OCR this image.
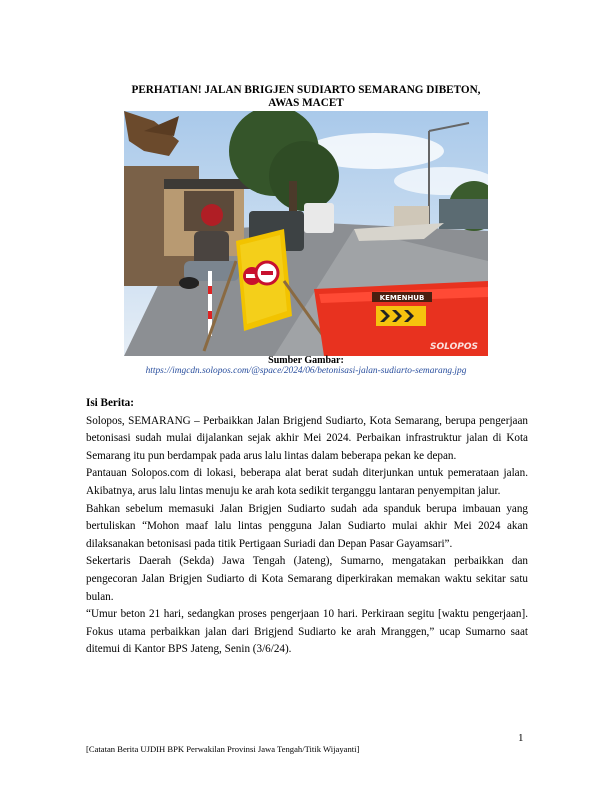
PERHATIAN! JALAN BRIGJEN SUDIARTO SEMARANG DIBETON,
AWAS MACET
KEMENHUB
SOLOPOS
Sumber Gambar:
https://imgcdn.solopos.com/@space/2024/06/betonisasi-jalan-sudiarto-semarang.jpg
Isi Berita:

Solopos, SEMARANG – Perbaikkan Jalan Brigjend Sudiarto, Kota Semarang, berupa pengerjaan betonisasi sudah mulai dijalankan sejak akhir Mei 2024. Perbaikan infrastruktur jalan di Kota Semarang itu pun berdampak pada arus lalu lintas dalam beberapa pekan ke depan.

Pantauan Solopos.com di lokasi, beberapa alat berat sudah diterjunkan untuk pemerataan jalan. Akibatnya, arus lalu lintas menuju ke arah kota sedikit terganggu lantaran penyempitan jalur.

Bahkan sebelum memasuki Jalan Brigjen Sudiarto sudah ada spanduk berupa imbauan yang bertuliskan “Mohon maaf lalu lintas pengguna Jalan Sudiarto mulai akhir Mei 2024 akan dilaksanakan betonisasi pada titik Pertigaan Suriadi dan Depan Pasar Gayamsari”.

Sekertaris Daerah (Sekda) Jawa Tengah (Jateng), Sumarno, mengatakan perbaikkan dan pengecoran Jalan Brigjen Sudiarto di Kota Semarang diperkirakan memakan waktu sekitar satu bulan.

“Umur beton 21 hari, sedangkan proses pengerjaan 10 hari. Perkiraan segitu [waktu pengerjaan]. Fokus utama perbaikkan jalan dari Brigjend Sudiarto ke arah Mranggen,” ucap Sumarno saat ditemui di Kantor BPS Jateng, Senin (3/6/24).

1
[Catatan Berita UJDIH BPK Perwakilan Provinsi Jawa Tengah/Titik Wijayanti]
